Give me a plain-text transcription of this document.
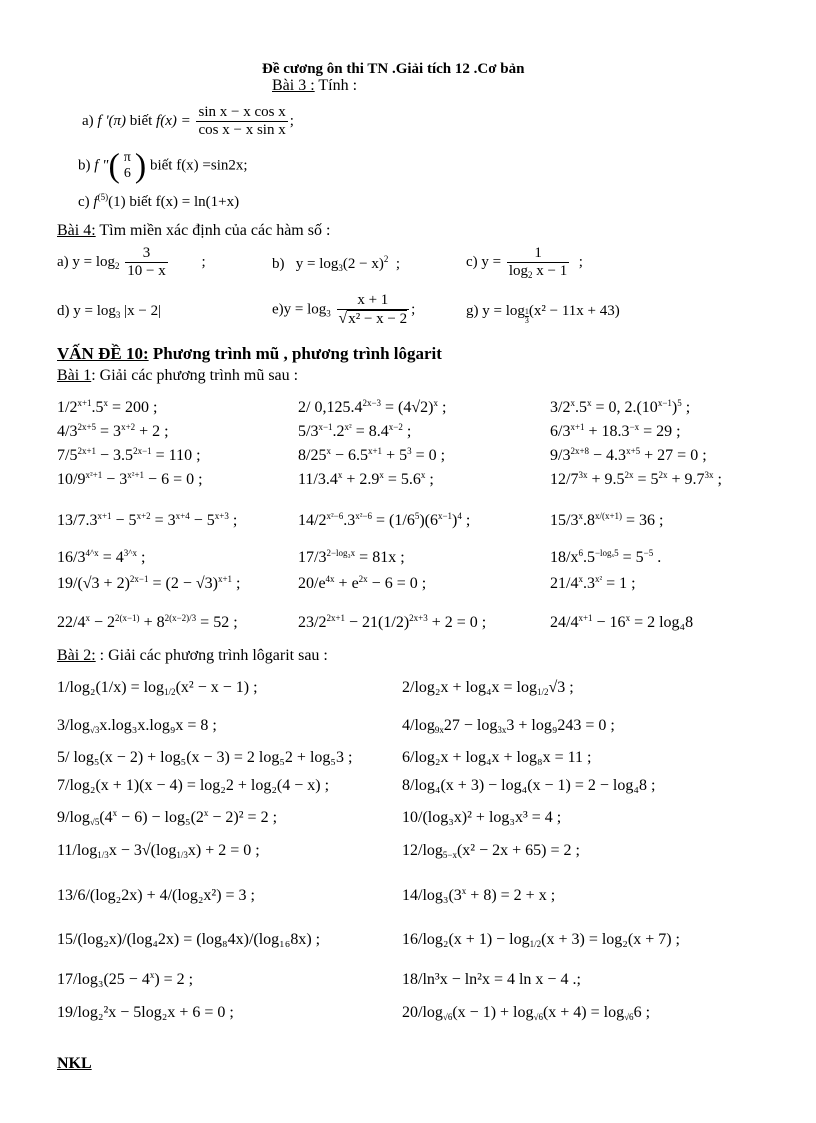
Đề cương ôn thi TN .Giải tích 12 .Cơ bản
Bài 3 : Tính :
a) f '(π) biết $f(x) = \frac{\text{sin x − x cos x}}{\text{cos x − x sin x}}$ ;
b) f "( π
6 ) biết f(x) =sin2x;
c) $f^{(5)}(1)$ biết f(x) = ln(1+x)
Bài 4: Tìm miền xác định của các hàm số :
a) $y = \log_2 \frac{3}{10 - x}$ ;	b) $y = \log_3(2 - x)^2$ ;	c) $y = \frac{1}{\log_2 x - 1}$ ;
d) $y = \log_3 |x - 2|$	$e)y = \log_3 \frac{x + 1}{\text{√x² − x − 2}}$ ;	g) $y = \log \frac{1}{3} (x^2 - 11x + 43)$
VẤN ĐỀ 10: Phương trình mũ , phương trình lôgarit
Bài 1: Giải các phương trình mũ sau :
$1/2^{x+1}.5^x = 200$ ;	2/ $0,125.4^{2x-3} = (4√2)^x$ ;	$3/2^x.5^x = 0$, $2.(10^{x-1})^5$ ;
$4/3^{2x+5} = 3^{x+2} + 2$ ;	$5/3^{x-1}.2^{x^2} = 8.4^{x-2}$ ;	$6/3^{x+1} + 18.3^{-x} = 29$ ;
$7/5^{2x+1} - 3.5^{2x-1} = 110$ ;	$8/25^x - 6.5^{x+1} + 5^3 = 0$ ;	$9/3^{2x+8} - 4.3^{x+5} + 27 = 0$ ;
$10/9^{x^2+1} - 3^{x^2+1} - 6 = 0$ ;	$11/3.4^x + 2.9^x = 5.6^x$ ;	$12/7^{3x} + 9.5^{2x} = 5^{2x} + 9.7^{3x}$ ;
$13/7.3^{x+1} - 5^{x+2} = 3^{x+4} - 5^{x+3}$ ;	$14/2^{x^2-6}.3^{x^2-6} = (1/6^5)(6^{x-1})^4$ ;	$15/3^x.8^{x/(x+1)} = 36$ ;
$16/3^{4\^{}x} = 4^{3\^{}x}$ ;	$17/3^{2-log_3x} = 81x$ ;	$18/x^6.5^{-log_x5} = 5^{-5}$ .
$19/(√3 + 2)^{2x-1} = (2 - √3)^{x+1}$ ;	$20/e^{4x} + e^{2x} - 6 = 0$ ;	$21/4^x.3^{x^2} = 1$ ;
$22/4^x - 2^{2(x-1)} + 8^{2(x-2)/3} = 52$ ;	$23/2^{2x+1} - 21(1/2)^{2x+3} + 2 = 0$ ;	$24/4^{x+1} - 16^x = 2$ log₄8
Bài 2: : Giải các phương trình lôgarit sau :
$1/\log_2(1/x) = \log_{1/2}(x^2 - x - 1)$ ;	$2/\log_2x + \log_4x = \log_{1/2}√3$ ;
$3/\log_{√3}x.\log_3x.\log_9x = 8$ ;	$4/\log_{9x}27 - \log_{3x}3 + \log_9243 = 0$ ;
5/ log₅(x − 2) + log₅(x − 3) = 2 log₅2 + log₅3 ;	6/log₂x + log₄x + log₈x = 11 ;
7/log₂(x + 1)(x − 4) = log₂2 + log₂(4 − x) ;	8/log₄(x + 3) − log₄(x − 1) = 2 − log₄8 ;
$9/\log_{√5}(4^x - 6) - \log_5(2^x - 2)^2 = 2$ ;	10/(log₃x)² + log₃x³ = 4 ;
$11/\log_{1/3}x - 3√(\log_{1/3}x) + 2 = 0$ ;	$12/\log_{5-x}(x^2 - 2x + 65) = 2$ ;
13/6/(log₂2x) + 4/(log₂x²) = 3 ;	$14/\log_3(3^x + 8) = 2 + x$ ;
15/(log₂x)/(log₄2x) = (log₈4x)/(log₁₆8x) ;	$16/\log_2(x + 1) - \log_{1/2}(x + 3) = \log_2(x + 7)$ ;
$17/\log_3(25 - 4^x) = 2$ ;	18/ln³x − ln²x = 4 ln x − 4 .;
19/log₂²x − 5log₂x + 6 = 0 ;	$20/\log_{√6}(x - 1) + \log_{√6}(x + 4) = \log_{√6}6$ ;
NKL
